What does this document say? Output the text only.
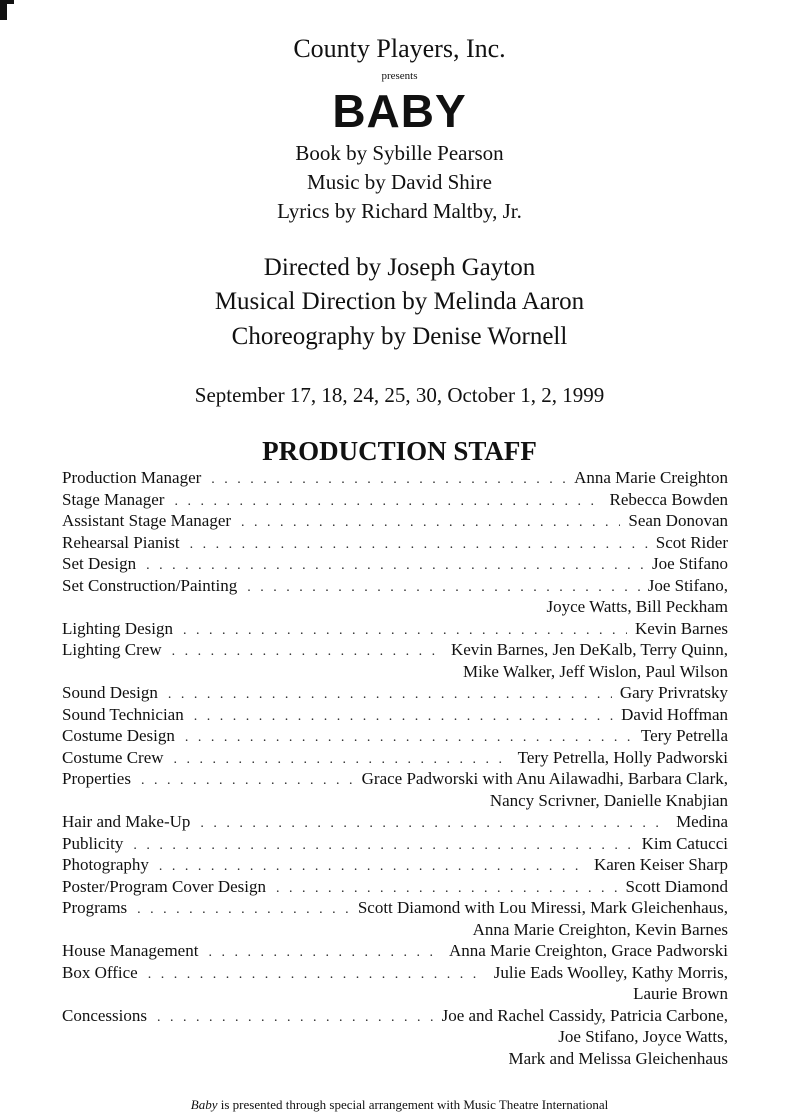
County Players, Inc.
presents
BABY
Book by Sybille Pearson
Music by David Shire
Lyrics by Richard Maltby, Jr.
Directed by Joseph Gayton
Musical Direction by Melinda Aaron
Choreography by Denise Wornell
September 17, 18, 24, 25, 30, October 1, 2, 1999
PRODUCTION STAFF
Production Manager . . .	Anna Marie Creighton
Stage Manager . . .	Rebecca Bowden
Assistant Stage Manager . . .	Sean Donovan
Rehearsal Pianist . . .	Scot Rider
Set Design . . .	Joe Stifano
Set Construction/Painting . . .	Joe Stifano,
Joyce Watts, Bill Peckham
Lighting Design . . .	Kevin Barnes
Lighting Crew . . .	Kevin Barnes, Jen DeKalb, Terry Quinn,
Mike Walker, Jeff Wislon, Paul Wilson
Sound Design . . .	Gary Privratsky
Sound Technician . . .	David Hoffman
Costume Design . . .	Tery Petrella
Costume Crew . . .	Tery Petrella, Holly Padworski
Properties . . .	Grace Padworski with Anu Ailawadhi, Barbara Clark,
Nancy Scrivner, Danielle Knabjian
Hair and Make-Up . . .	Medina
Publicity . . .	Kim Catucci
Photography . . .	Karen Keiser Sharp
Poster/Program Cover Design . . .	Scott Diamond
Programs . . .	Scott Diamond with Lou Miressi, Mark Gleichenhaus,
Anna Marie Creighton, Kevin Barnes
House Management . . .	Anna Marie Creighton, Grace Padworski
Box Office . . .	Julie Eads Woolley, Kathy Morris,
Laurie Brown
Concessions . . .	Joe and Rachel Cassidy, Patricia Carbone,
Joe Stifano, Joyce Watts,
Mark and Melissa Gleichenhaus
Baby is presented through special arrangement with Music Theatre International
